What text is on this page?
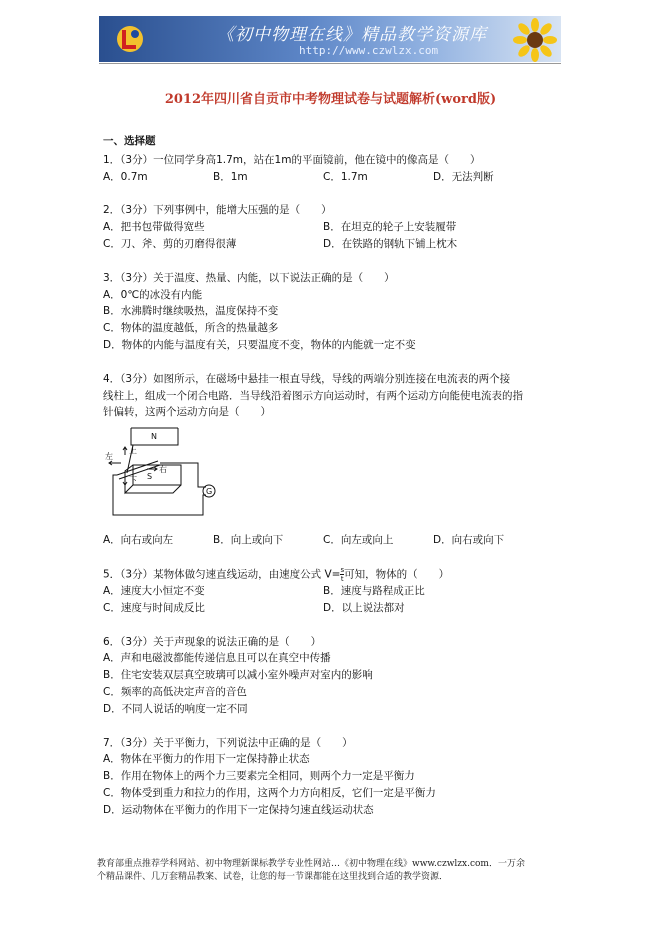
《初中物理在线》精品教学资源库
http://www.czwlzx.com
2012年四川省自贡市中考物理试卷与试题解析(word版)
一、选择题
1．（3分）一位同学身高1.7m，站在1m的平面镜前，他在镜中的像高是（　　）
A．0.7m	B．1m	C．1.7m	D．无法判断
2．（3分）下列事例中，能增大压强的是（　　）
A．把书包带做得宽些	B．在坦克的轮子上安装履带
C．刀、斧、剪的刃磨得很薄	D．在铁路的钢轨下铺上枕木
3．（3分）关于温度、热量、内能，以下说法正确的是（　　）
A．0℃的冰没有内能
B．水沸腾时继续吸热，温度保持不变
C．物体的温度越低，所含的热量越多
D．物体的内能与温度有关，只要温度不变，物体的内能就一定不变
4．（3分）如图所示，在磁场中悬挂一根直导线，导线的两端分别连接在电流表的两个接
线柱上，组成一个闭合电路．当导线沿着图示方向运动时，有两个运动方向能使电流表的指
针偏转，这两个运动方向是（　　）
N
S
上
下
左
右
G
A．向右或向左	B．向上或向下	C．向左或向上	D．向右或向下
5．（3分）某物体做匀速直线运动，由速度公式 $V= \frac{s}{t}$可知，物体的（　　）
A．速度大小恒定不变	B．速度与路程成正比
C．速度与时间成反比	D．以上说法都对
6．（3分）关于声现象的说法正确的是（　　）
A．声和电磁波都能传递信息且可以在真空中传播
B．住宅安装双层真空玻璃可以减小室外噪声对室内的影响
C．频率的高低决定声音的音色
D．不同人说话的响度一定不同
7．（3分）关于平衡力，下列说法中正确的是（　　）
A．物体在平衡力的作用下一定保持静止状态
B．作用在物体上的两个力三要素完全相同，则两个力一定是平衡力
C．物体受到重力和拉力的作用，这两个力方向相反，它们一定是平衡力
D．运动物体在平衡力的作用下一定保持匀速直线运动状态
教育部重点推荐学科网站、初中物理新课标教学专业性网站…《初中物理在线》www.czwlzx.com．一万余
个精品课件、几万套精品教案、试卷，让您的每一节课都能在这里找到合适的教学资源．
